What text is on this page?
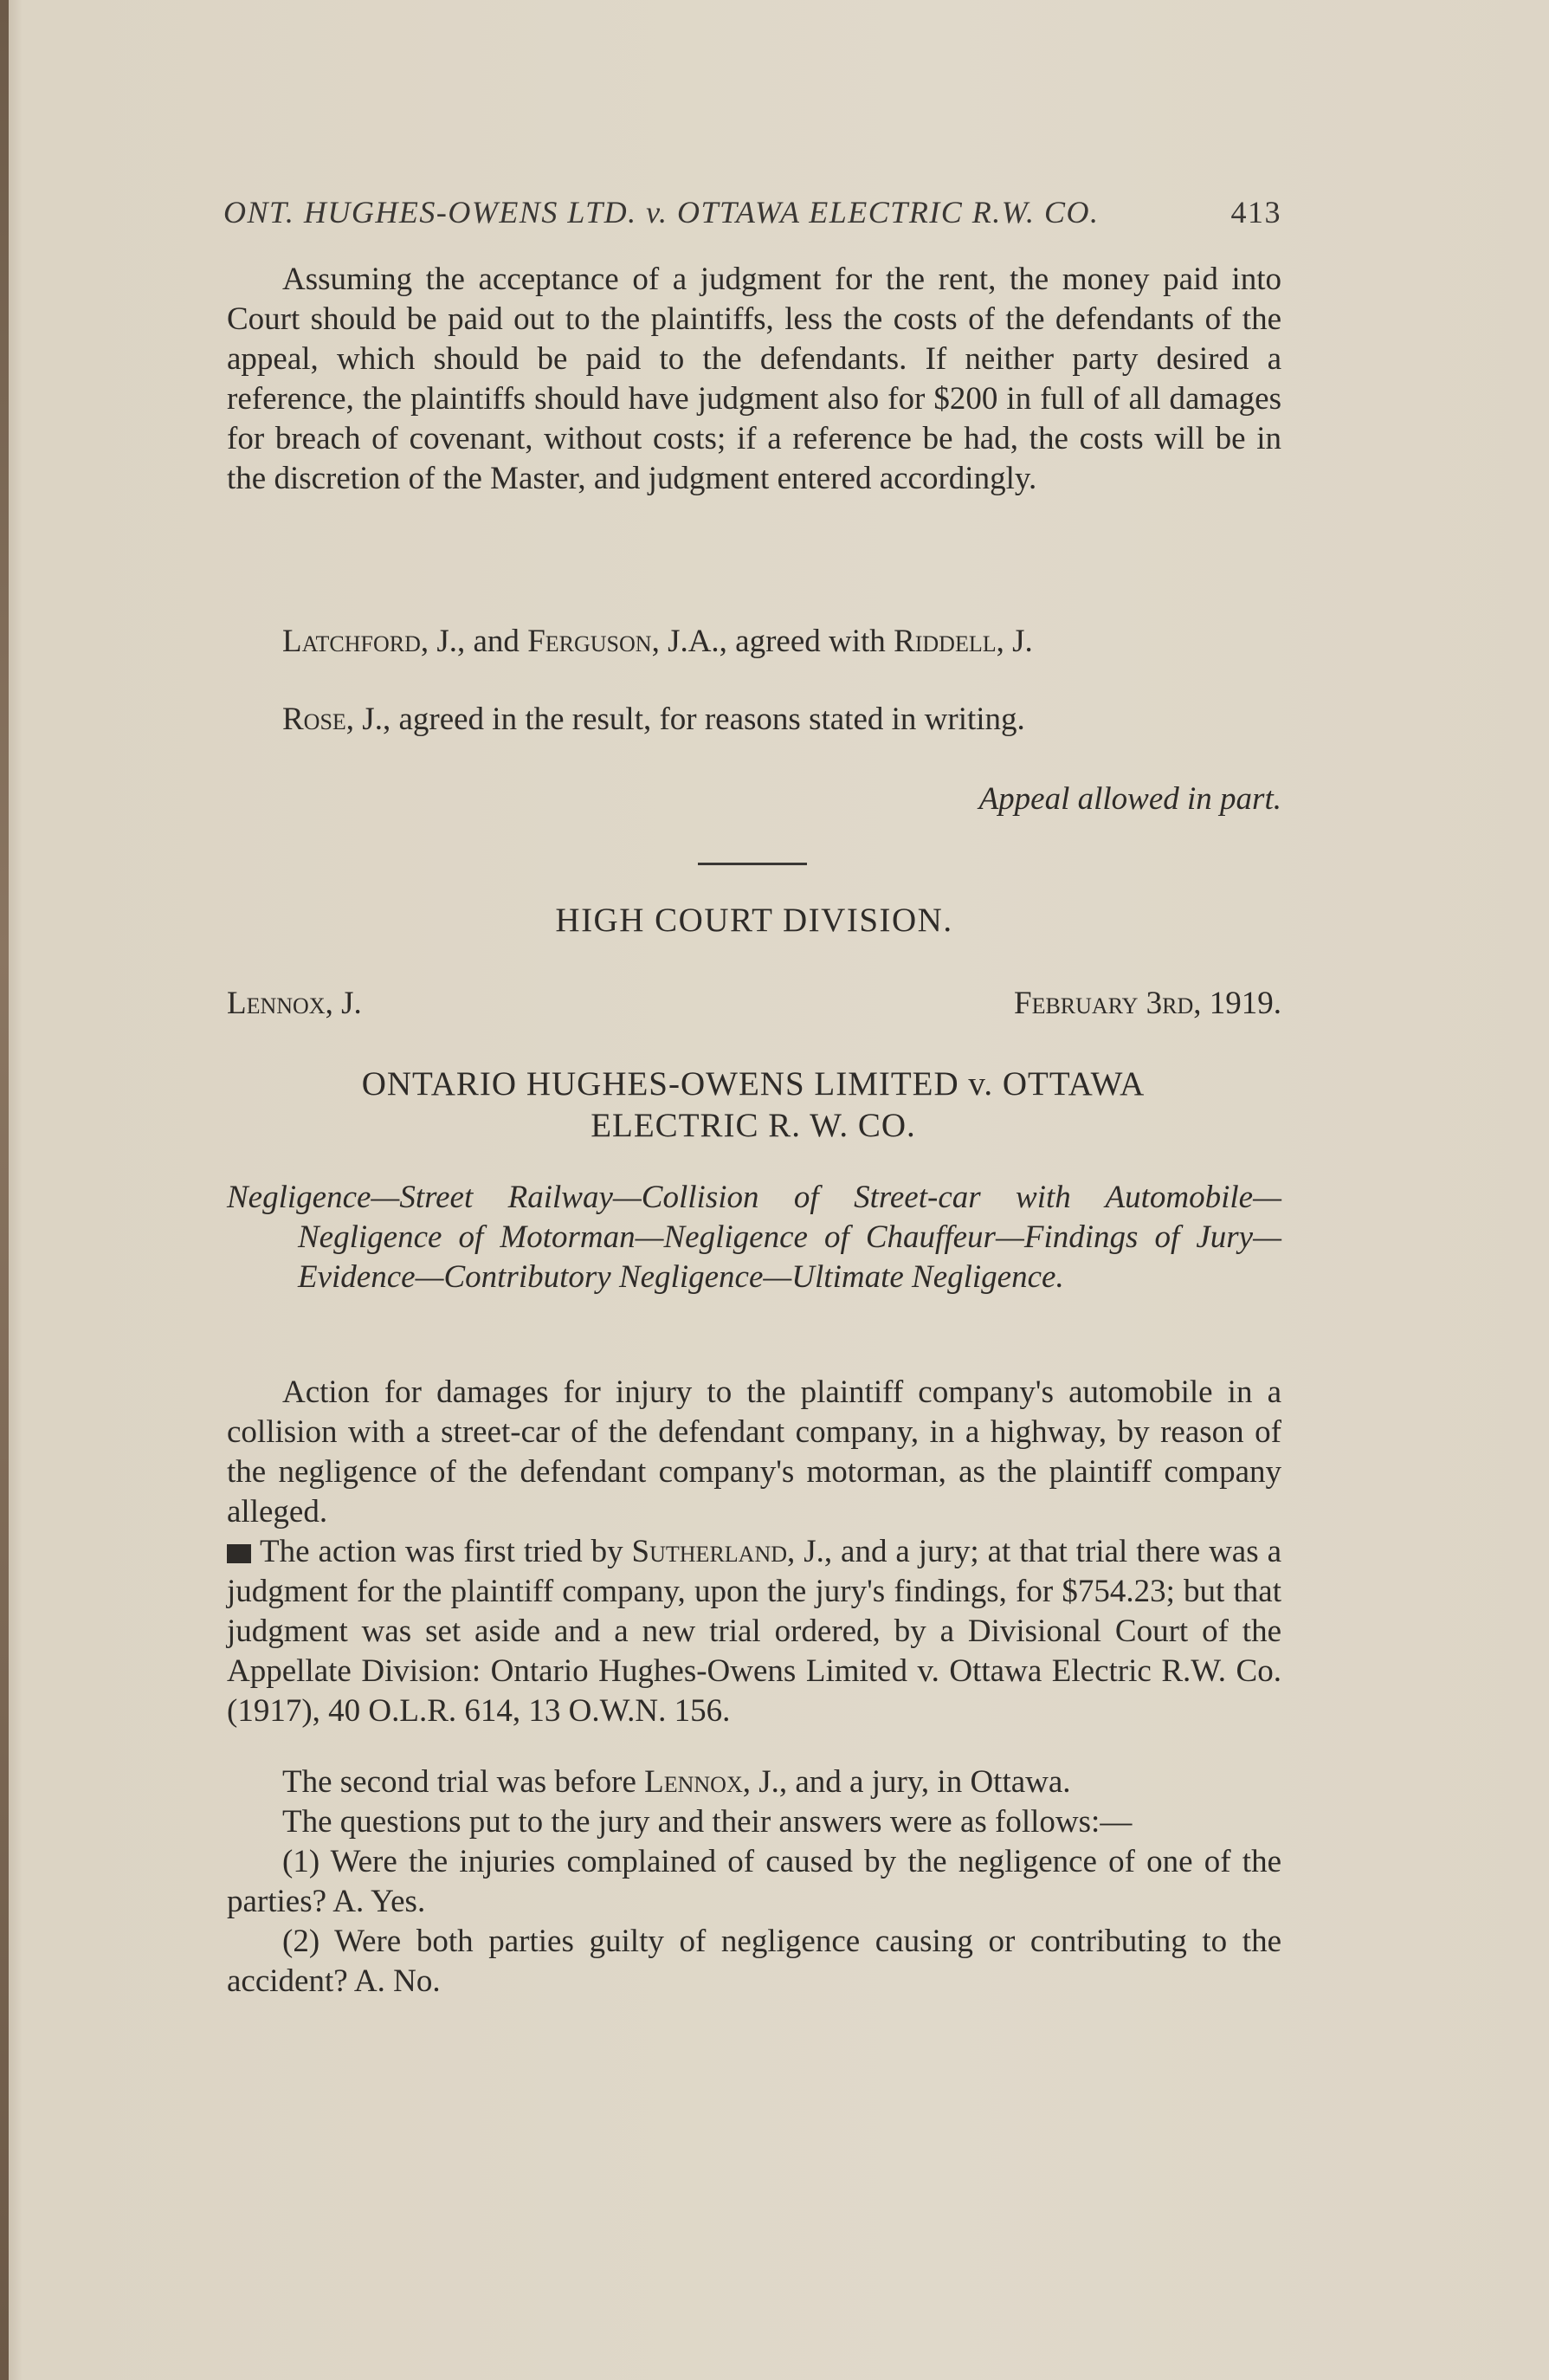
ONT. HUGHES-OWENS LTD. v. OTTAWA ELECTRIC R.W. CO.	413

Assuming the acceptance of a judgment for the rent, the money paid into Court should be paid out to the plaintiffs, less the costs of the defendants of the appeal, which should be paid to the defendants. If neither party desired a reference, the plaintiffs should have judgment also for $200 in full of all damages for breach of covenant, without costs; if a reference be had, the costs will be in the discretion of the Master, and judgment entered accordingly.

Latchford, J., and Ferguson, J.A., agreed with Riddell, J.

Rose, J., agreed in the result, for reasons stated in writing.

Appeal allowed in part.

HIGH COURT DIVISION.

Lennox, J.	February 3rd, 1919.

ONTARIO HUGHES-OWENS LIMITED v. OTTAWA ELECTRIC R. W. CO.

Negligence—Street Railway—Collision of Street-car with Automobile—Negligence of Motorman—Negligence of Chauffeur—Findings of Jury—Evidence—Contributory Negligence—Ultimate Negligence.

Action for damages for injury to the plaintiff company's automobile in a collision with a street-car of the defendant company, in a highway, by reason of the negligence of the defendant company's motorman, as the plaintiff company alleged.

The action was first tried by Sutherland, J., and a jury; at that trial there was a judgment for the plaintiff company, upon the jury's findings, for $754.23; but that judgment was set aside and a new trial ordered, by a Divisional Court of the Appellate Division: Ontario Hughes-Owens Limited v. Ottawa Electric R.W. Co. (1917), 40 O.L.R. 614, 13 O.W.N. 156.

The second trial was before Lennox, J., and a jury, in Ottawa.

The questions put to the jury and their answers were as follows:—

(1) Were the injuries complained of caused by the negligence of one of the parties? A. Yes.

(2) Were both parties guilty of negligence causing or contributing to the accident? A. No.
